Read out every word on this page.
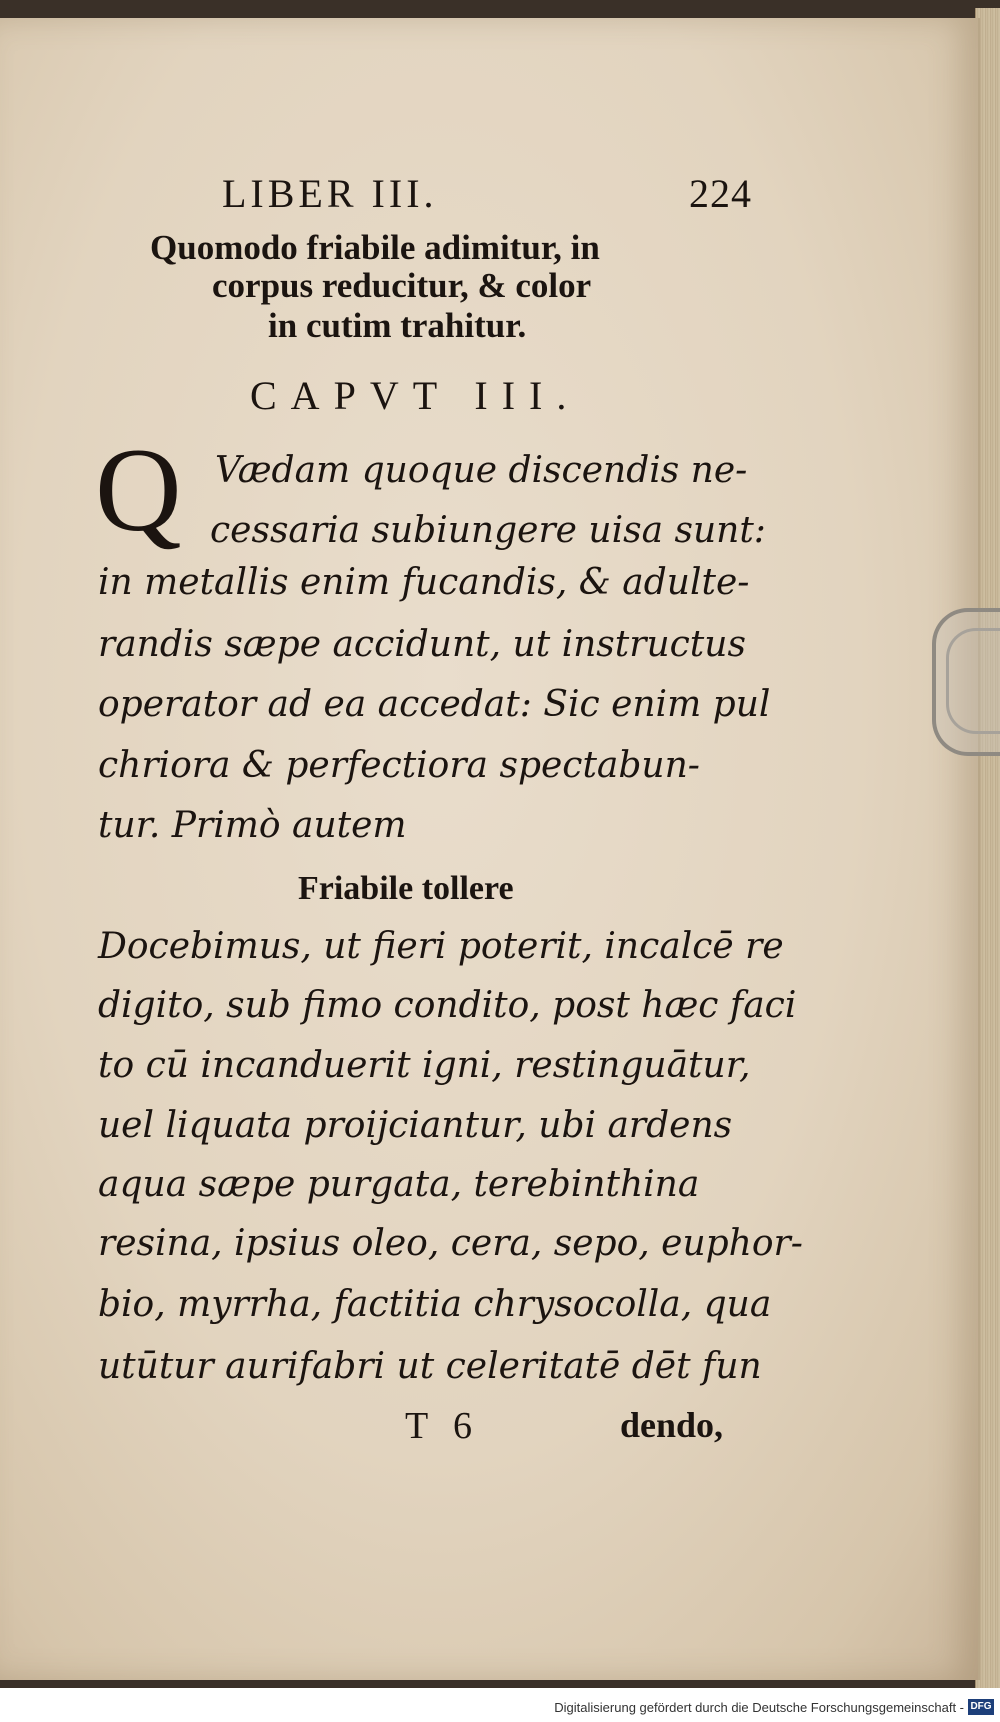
LIBER III.	224
Quomodo friabile adimitur, in
corpus reducitur, & color
in cutim trahitur.
CAPVT III.
Q Vædam quoque discendis ne-
cessaria subiungere uisa sunt:
in metallis enim fucandis, & adulte-
randis sæpe accidunt, ut instructus
operator ad ea accedat: Sic enim pul
chriora & perfectiora spectabun-
tur. Primò autem
Friabile tollere
Docebimus, ut fieri poterit, incalcē re
digito, sub fimo condito, post hæc faci
to cū incanduerit igni, restinguātur,
uel liquata proijciantur, ubi ardens
aqua sæpe purgata, terebinthina
resina, ipsius oleo, cera, sepo, euphor-
bio, myrrha, factitia chrysocolla, qua
utūtur aurifabri ut celeritatē dēt fun
T 6	dendo,
Digitalisierung gefördert durch die Deutsche Forschungsgemeinschaft - DFG
